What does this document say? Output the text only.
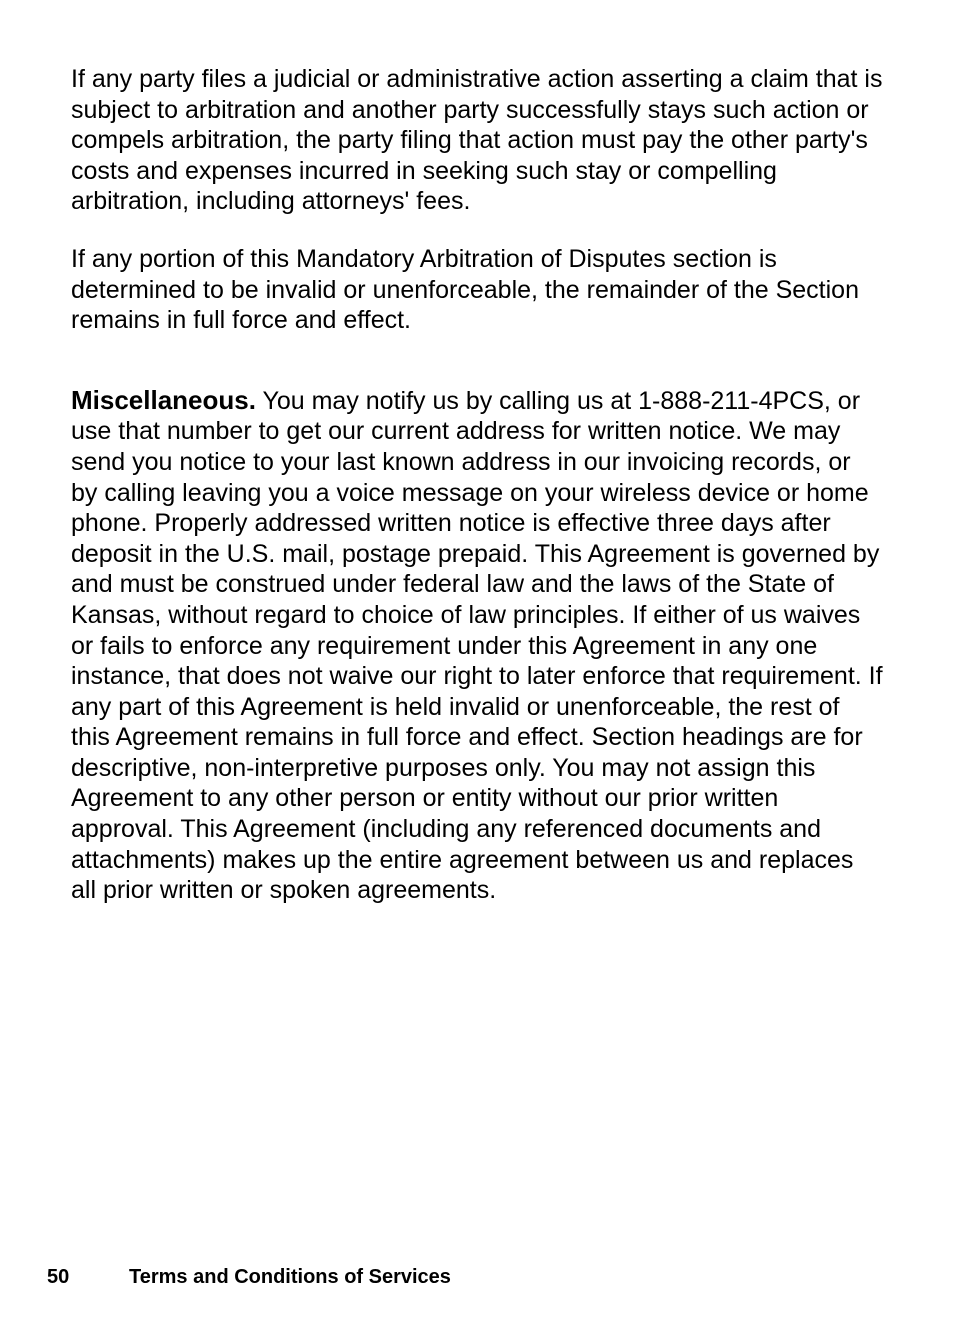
If any party files a judicial or administrative action asserting a claim that is subject to arbitration and another party successfully stays such action or compels arbitration, the party filing that action must pay the other party's costs and expenses incurred in seeking such stay or compelling arbitration, including attorneys' fees.

If any portion of this Mandatory Arbitration of Disputes section is determined to be invalid or unenforceable, the remainder of the Section remains in full force and effect.

Miscellaneous. You may notify us by calling us at 1-888-211-4PCS, or use that number to get our current address for written notice. We may send you notice to your last known address in our invoicing records, or by calling leaving you a voice message on your wireless device or home phone. Properly addressed written notice is effective three days after deposit in the U.S. mail, postage prepaid. This Agreement is governed by and must be construed under federal law and the laws of the State of Kansas, without regard to choice of law principles. If either of us waives or fails to enforce any requirement under this Agreement in any one instance, that does not waive our right to later enforce that requirement. If any part of this Agreement is held invalid or unenforceable, the rest of this Agreement remains in full force and effect. Section headings are for descriptive, non-interpretive purposes only. You may not assign this Agreement to any other person or entity without our prior written approval. This Agreement (including any referenced documents and attachments) makes up the entire agreement between us and replaces all prior written or spoken agreements.

50	Terms and Conditions of Services
